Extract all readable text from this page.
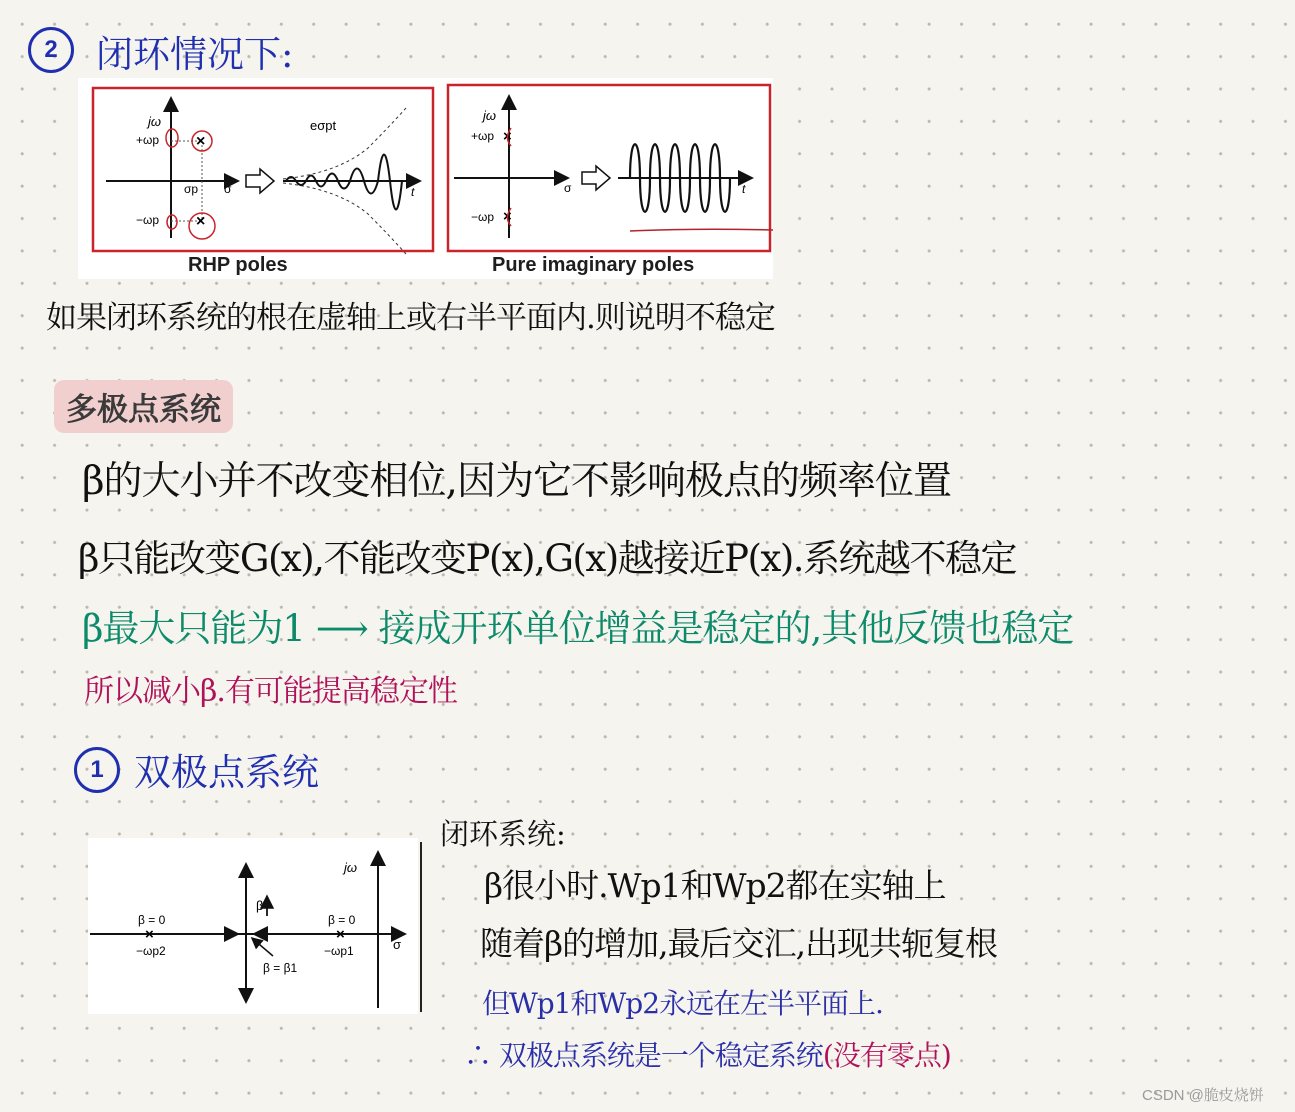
2 闭环情况下:
jω
+ωp
−ωp
σp σ
×
×
t
eσpt
jω
+ωp
−ωp
σ
×
×
t
RHP poles	Pure imaginary poles
如果闭环系统的根在虚轴上或右半平面内.则说明不稳定
多极点系统
β的大小并不改变相位,因为它不影响极点的频率位置
β只能改变G(x),不能改变P(x),G(x)越接近P(x).系统越不稳定
β最大只能为1 ⟶ 接成开环单位增益是稳定的,其他反馈也稳定
所以减小β.有可能提高稳定性
1 双极点系统
jω
σ
β
×	×
β = 0
−ωp2
β = 0
−ωp1
β = β1
闭环系统:
β很小时.Wp1和Wp2都在实轴上
随着β的增加,最后交汇,出现共轭复根
但Wp1和Wp2永远在左半平面上.
∴ 双极点系统是一个稳定系统(没有零点)
CSDN @脆皮烧饼
